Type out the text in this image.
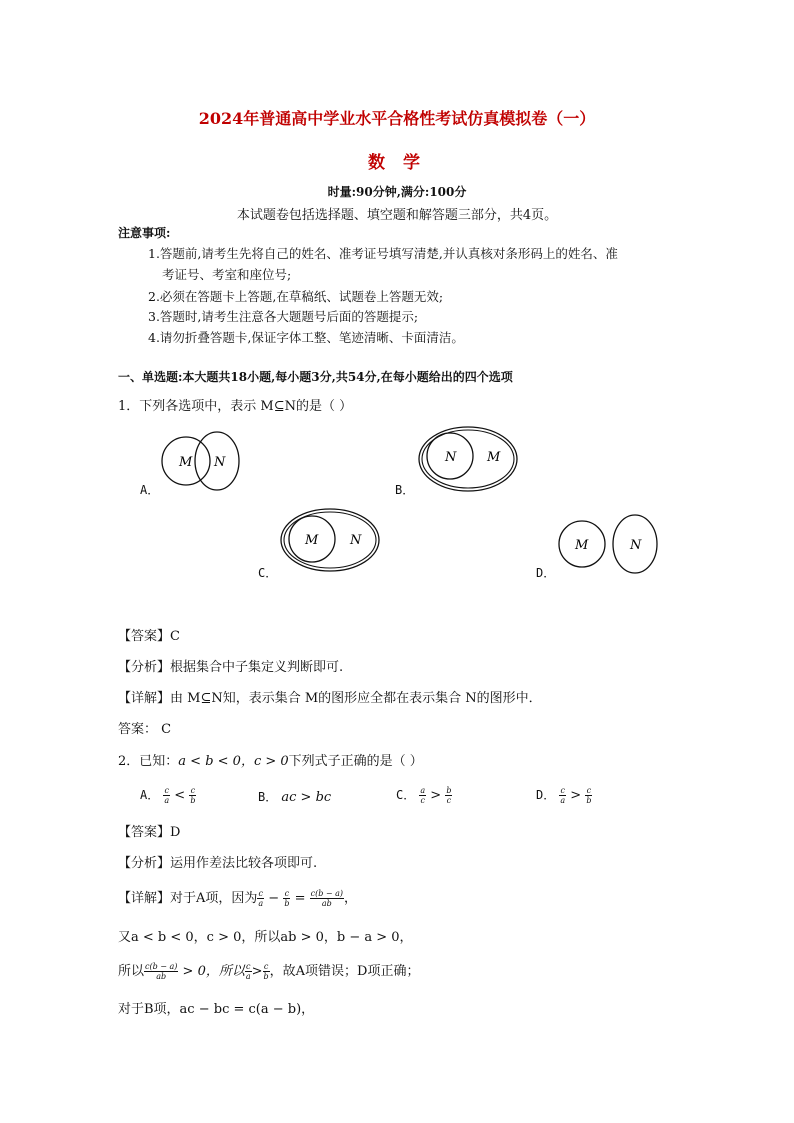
2024年普通高中学业水平合格性考试仿真模拟卷（一）
数 学
时量:90分钟,满分:100分
本试题卷包括选择题、填空题和解答题三部分，共4页。
注意事项:
1.答题前,请考生先将自己的姓名、准考证号填写清楚,并认真核对条形码上的姓名、准
考证号、考室和座位号;
2.必须在答题卡上答题,在草稿纸、试题卷上答题无效;
3.答题时,请考生注意各大题题号后面的答题提示;
4.请勿折叠答题卡,保证字体工整、笔迹清晰、卡面清洁。
一、单选题:本大题共18小题,每小题3分,共54分,在每小题给出的四个选项
1．下列各选项中，表示 M⊆N的是（ ）
M N
A．
N M
B．
M N
C．
M	N
D．
【答案】C
【分析】根据集合中子集定义判断即可.
【详解】由 M⊆N知，表示集合 M的图形应全都在表示集合 N的图形中．
答案： C
2．已知：a < b < 0，c > 0下列式子正确的是（ ）
A． $\frac{c}{a} < \frac{c}{b}$	B． ac > bc	C． $\frac{a}{c} > \frac{b}{c}$	D． $\frac{c}{a} > \frac{c}{b}$
【答案】D
【分析】运用作差法比较各项即可.
【详解】对于A项，因为 $\frac{c}{a} - \frac{c}{b} = \frac{c(b - a)}{ab}$ ，
又a < b < 0，c > 0，所以ab > 0，b − a > 0，
所以 $\frac{c(b - a)}{ab} > 0$，所以 $\frac{c}{a} > \frac{c}{b}$ ，故A项错误；D项正确；
对于B项，ac − bc = c(a − b)，
